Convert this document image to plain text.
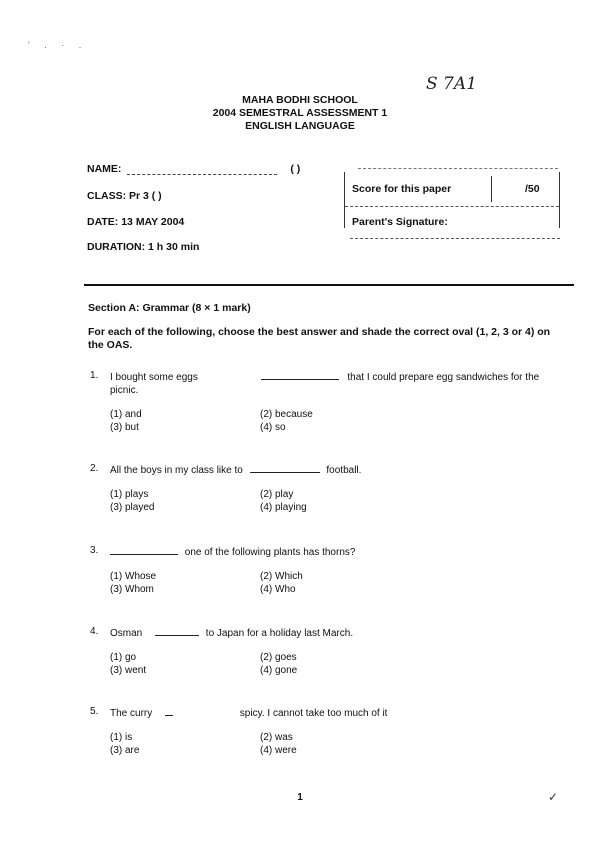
' . · .
S 7A1
MAHA BODHI SCHOOL
2004 SEMESTRAL ASSESSMENT 1
ENGLISH LANGUAGE
NAME:	( )
CLASS: Pr 3 ( )
DATE: 13 MAY 2004
DURATION: 1 h 30 min
Score for this paper	/50
Parent's Signature:
Section A: Grammar (8 × 1 mark)
For each of the following, choose the best answer and shade the correct oval (1, 2, 3 or 4) on the OAS.
1. I bought some eggs	that I could prepare egg sandwiches for the picnic.
(1) and	(2) because
(3) but	(4) so
2. All the boys in my class like to	football.
(1) plays	(2) play
(3) played	(4) playing
3.	one of the following plants has thorns?
(1) Whose	(2) Which
(3) Whom	(4) Who
4. Osman	to Japan for a holiday last March.
(1) go	(2) goes
(3) went	(4) gone
5. The curry	spicy. I cannot take too much of it
(1) is	(2) was
(3) are	(4) were
1	✓
